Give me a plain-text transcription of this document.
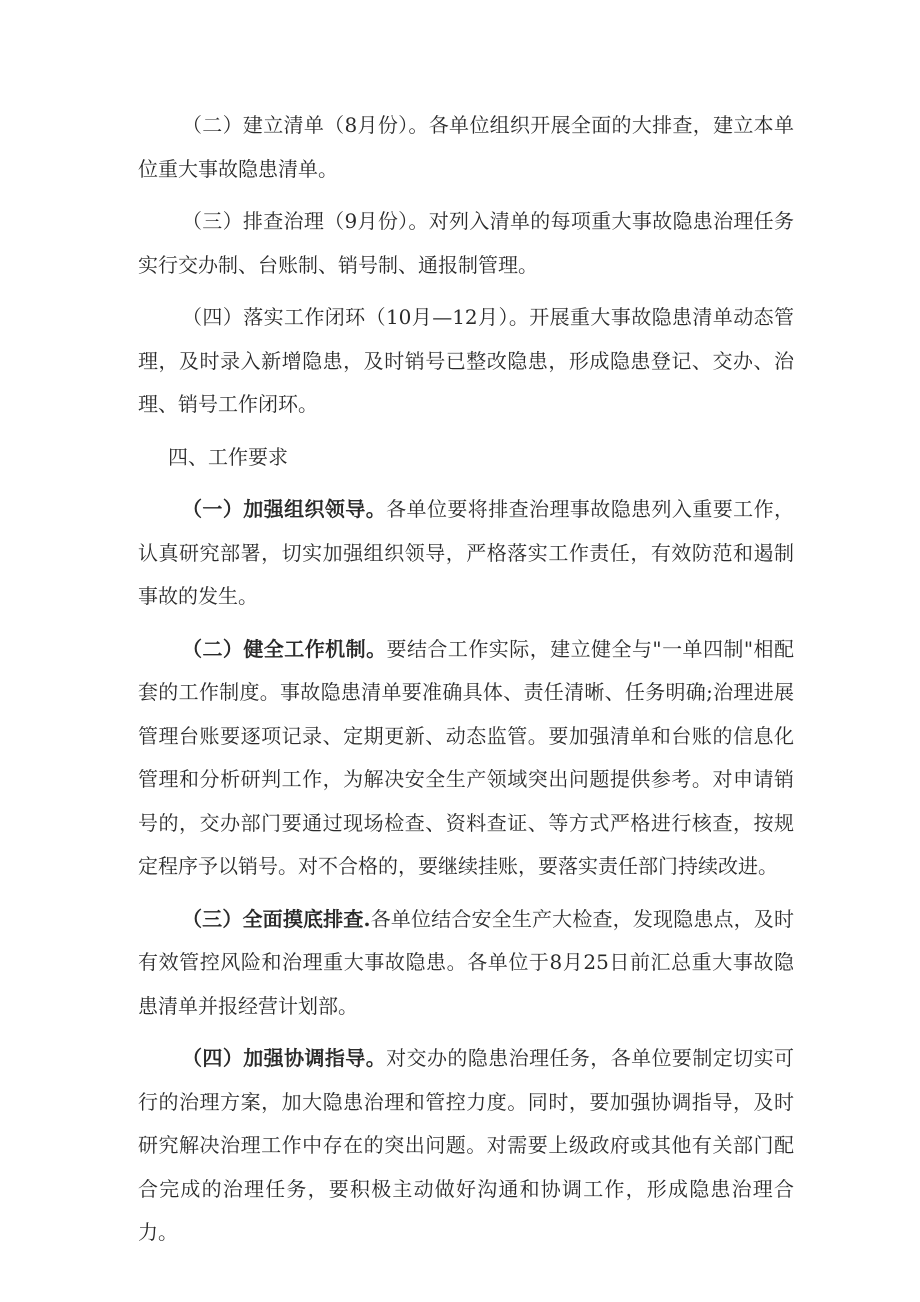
（二）建立清单（8月份）。各单位组织开展全面的大排查，建立本单位重大事故隐患清单。

（三）排查治理（9月份）。对列入清单的每项重大事故隐患治理任务实行交办制、台账制、销号制、通报制管理。

（四）落实工作闭环（10月—12月）。开展重大事故隐患清单动态管理，及时录入新增隐患，及时销号已整改隐患，形成隐患登记、交办、治理、销号工作闭环。

四、工作要求

（一）加强组织领导。各单位要将排查治理事故隐患列入重要工作，认真研究部署，切实加强组织领导，严格落实工作责任，有效防范和遏制事故的发生。

（二）健全工作机制。要结合工作实际，建立健全与"一单四制"相配套的工作制度。事故隐患清单要准确具体、责任清晰、任务明确;治理进展管理台账要逐项记录、定期更新、动态监管。要加强清单和台账的信息化管理和分析研判工作，为解决安全生产领域突出问题提供参考。对申请销号的，交办部门要通过现场检查、资料查证、等方式严格进行核查，按规定程序予以销号。对不合格的，要继续挂账，要落实责任部门持续改进。

（三）全面摸底排查.各单位结合安全生产大检查，发现隐患点，及时有效管控风险和治理重大事故隐患。各单位于8月25日前汇总重大事故隐患清单并报经营计划部。

（四）加强协调指导。对交办的隐患治理任务，各单位要制定切实可行的治理方案，加大隐患治理和管控力度。同时，要加强协调指导，及时研究解决治理工作中存在的突出问题。对需要上级政府或其他有关部门配合完成的治理任务，要积极主动做好沟通和协调工作，形成隐患治理合力。
